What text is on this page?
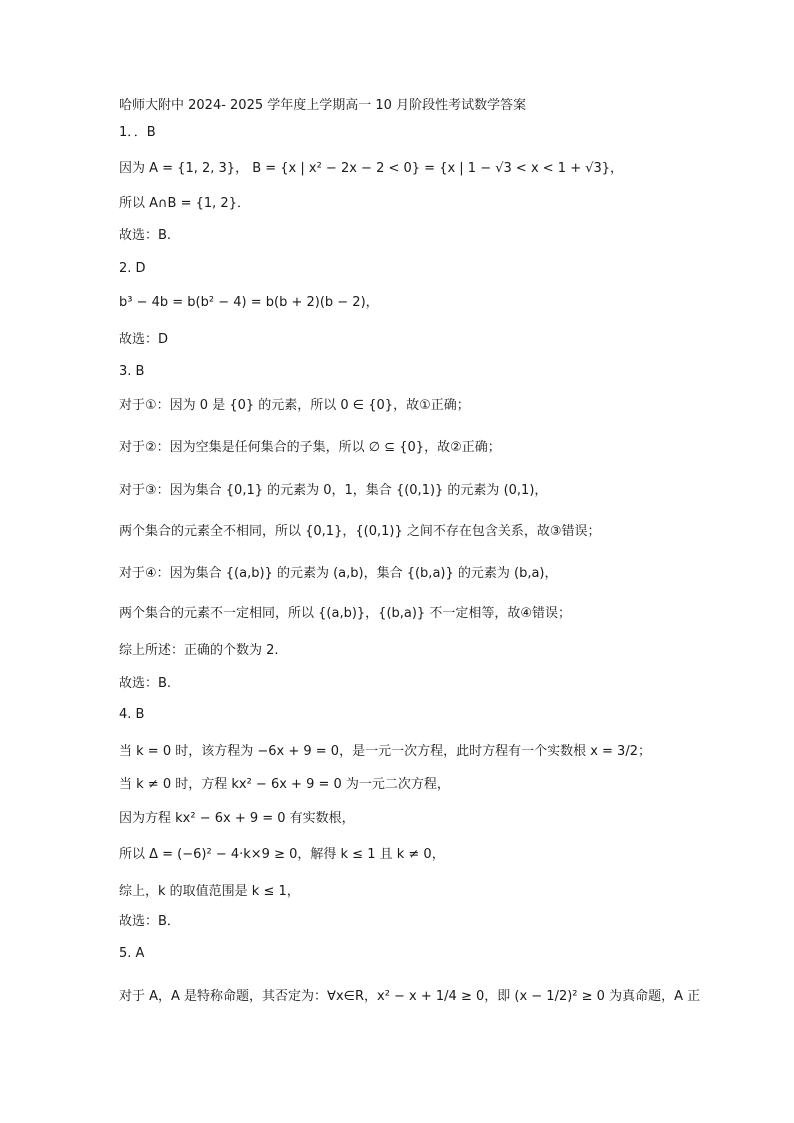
哈师大附中 2024- 2025 学年度上学期高一 10 月阶段性考试数学答案
1．．B
因为 A = {1, 2, 3}， B = {x | x² − 2x − 2 < 0} = {x | 1 − √3 < x < 1 + √3}，
所以 A∩B = {1, 2}．
故选：B.
2. D
b³ − 4b = b(b² − 4) = b(b + 2)(b − 2)，
故选：D
3. B
对于①：因为 0 是 {0} 的元素，所以 0 ∈ {0}，故①正确；
对于②：因为空集是任何集合的子集，所以 ∅ ⊆ {0}，故②正确；
对于③：因为集合 {0,1} 的元素为 0，1，集合 {(0,1)} 的元素为 (0,1)，
两个集合的元素全不相同，所以 {0,1}，{(0,1)} 之间不存在包含关系，故③错误；
对于④：因为集合 {(a,b)} 的元素为 (a,b)，集合 {(b,a)} 的元素为 (b,a)，
两个集合的元素不一定相同，所以 {(a,b)}，{(b,a)} 不一定相等，故④错误；
综上所述：正确的个数为 2.
故选：B.
4. B
当 k = 0 时，该方程为 −6x + 9 = 0，是一元一次方程，此时方程有一个实数根 x = 3/2；
当 k ≠ 0 时，方程 kx² − 6x + 9 = 0 为一元二次方程，
因为方程 kx² − 6x + 9 = 0 有实数根，
所以 Δ = (−6)² − 4·k×9 ≥ 0，解得 k ≤ 1 且 k ≠ 0，
综上，k 的取值范围是 k ≤ 1，
故选：B．
5. A
对于 A，A 是特称命题，其否定为：∀x∈R，x² − x + 1/4 ≥ 0，即 (x − 1/2)² ≥ 0 为真命题，A 正
